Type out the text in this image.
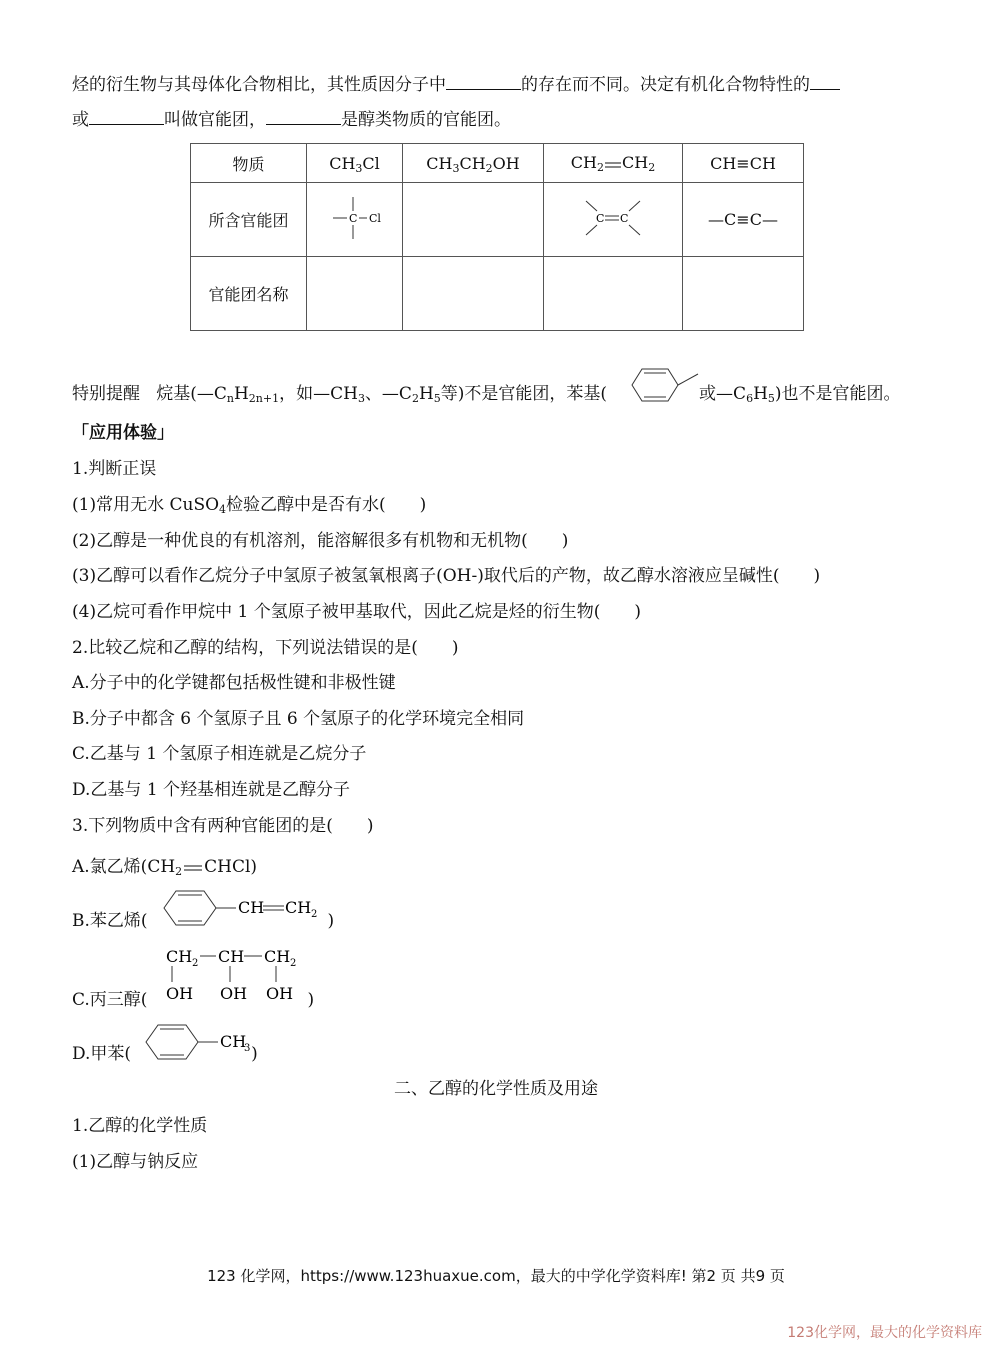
烃的衍生物与其母体化合物相比，其性质因分子中	的存在而不同。决定有机化合物特性的
或	叫做官能团，	是醇类物质的官能团。
物质	$CH_3Cl$	$CH_3CH_2OH$	$CH_2$ $CH_2$	CH≡CH
所含官能团	C Cl		C C	—C≡C—
官能团名称				
特别提醒 烷基($—C_nH_{2n+1}$，如$—CH_3$、$—C_2H_5$等)不是官能团，苯基(	或$—C_6H_5$)也不是官能团。
「应用体验」
1.判断正误
(1)常用无水 CuSO$_4$检验乙醇中是否有水(　　)
(2)乙醇是一种优良的有机溶剂，能溶解很多有机物和无机物(　　)
(3)乙醇可以看作乙烷分子中氢原子被氢氧根离子(OH-)取代后的产物，故乙醇水溶液应呈碱性(　　)
(4)乙烷可看作甲烷中 1 个氢原子被甲基取代，因此乙烷是烃的衍生物(　　)
2.比较乙烷和乙醇的结构，下列说法错误的是(　　)
A.分子中的化学键都包括极性键和非极性键
B.分子中都含 6 个氢原子且 6 个氢原子的化学环境完全相同
C.乙基与 1 个氢原子相连就是乙烷分子
D.乙基与 1 个羟基相连就是乙醇分子
3.下列物质中含有两种官能团的是(　　)
A.氯乙烯($CH_2$ CHCl)
B.苯乙烯(	)
CH CH 2
C.丙三醇(	)
CH 2 CH CH 2
OH OH OH
D.甲苯(	)
CH
3
二、乙醇的化学性质及用途
1.乙醇的化学性质
(1)乙醇与钠反应
123 化学网，https://www.123huaxue.com，最大的中学化学资料库! 第2 页 共9 页
123化学网，最大的化学资料库
